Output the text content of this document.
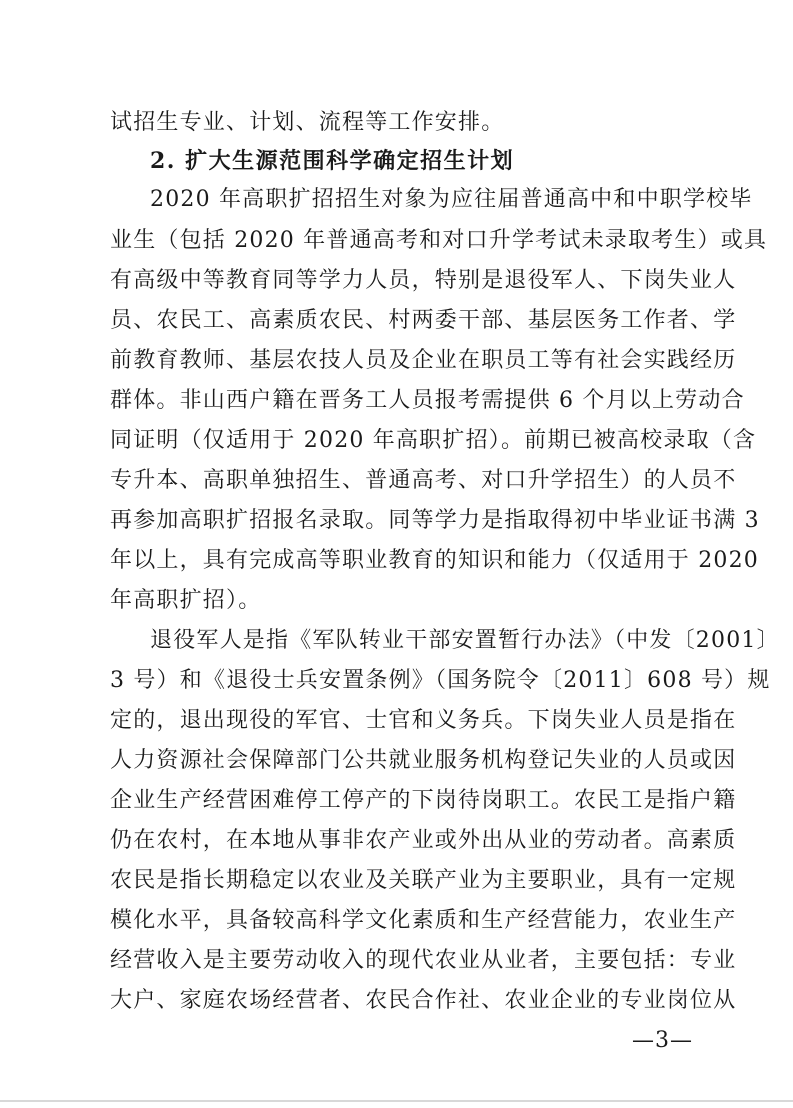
试招生专业、计划、流程等工作安排。
2. 扩大生源范围科学确定招生计划
2020 年高职扩招招生对象为应往届普通高中和中职学校毕
业生（包括 2020 年普通高考和对口升学考试未录取考生）或具
有高级中等教育同等学力人员，特别是退役军人、下岗失业人
员、农民工、高素质农民、村两委干部、基层医务工作者、学
前教育教师、基层农技人员及企业在职员工等有社会实践经历
群体。非山西户籍在晋务工人员报考需提供 6 个月以上劳动合
同证明（仅适用于 2020 年高职扩招）。前期已被高校录取（含
专升本、高职单独招生、普通高考、对口升学招生）的人员不
再参加高职扩招报名录取。同等学力是指取得初中毕业证书满 3
年以上，具有完成高等职业教育的知识和能力（仅适用于 2020
年高职扩招）。
退役军人是指《军队转业干部安置暂行办法》（中发〔2001〕
3 号）和《退役士兵安置条例》（国务院令〔2011〕608 号）规
定的，退出现役的军官、士官和义务兵。下岗失业人员是指在
人力资源社会保障部门公共就业服务机构登记失业的人员或因
企业生产经营困难停工停产的下岗待岗职工。农民工是指户籍
仍在农村，在本地从事非农产业或外出从业的劳动者。高素质
农民是指长期稳定以农业及关联产业为主要职业，具有一定规
模化水平，具备较高科学文化素质和生产经营能力，农业生产
经营收入是主要劳动收入的现代农业从业者，主要包括：专业
大户、家庭农场经营者、农民合作社、农业企业的专业岗位从
—3—
